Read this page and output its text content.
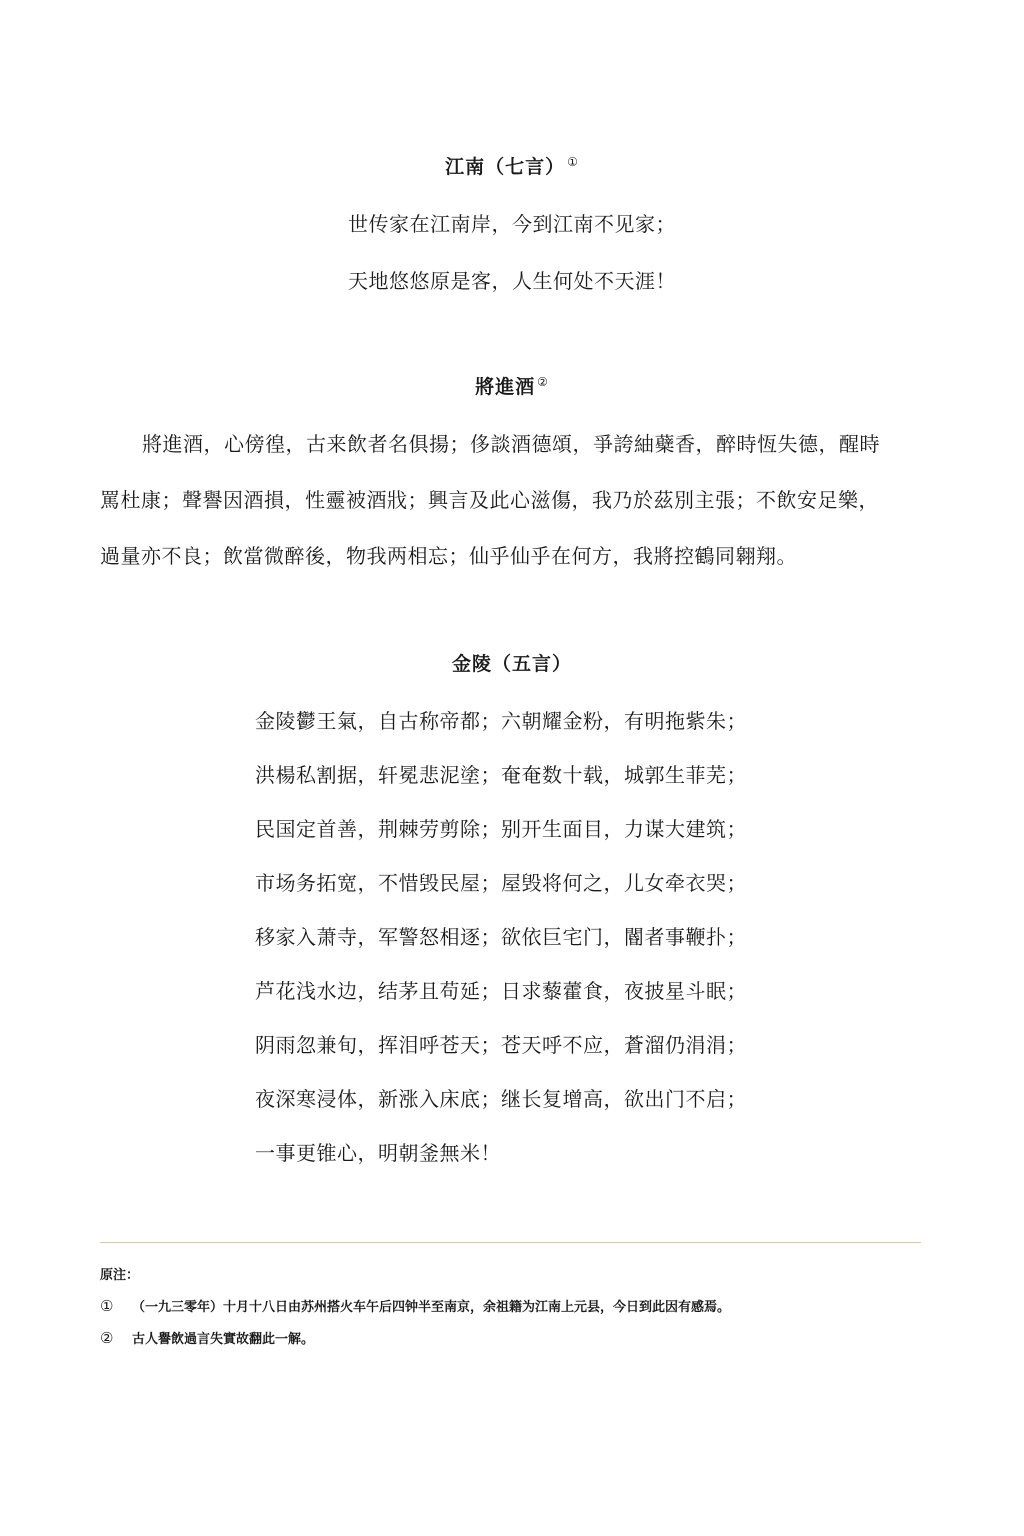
江南（七言） ①
世传家在江南岸，今到江南不见家；
天地悠悠原是客，人生何处不天涯！
將進酒 ②
將進酒，心傍徨，古来飲者名俱揚；侈談酒德頌，爭誇紬蘗香，醉時恆失德，醒時
罵杜康；聲譽因酒損，性靈被酒戕；興言及此心滋傷，我乃於茲別主張；不飲安足樂，
過量亦不良；飲當微醉後，物我两相忘；仙乎仙乎在何方，我將控鶴同翱翔。
金陵（五言）
金陵鬱王氣，自古称帝都；六朝耀金粉，有明拖紫朱；
洪楊私割据，轩冕悲泥塗；奄奄数十载，城郭生菲芜；
民国定首善，荆棘劳剪除；别开生面目，力谋大建筑；
市场务拓宽，不惜毁民屋；屋毁将何之，儿女牵衣哭；
移家入萧寺，军警怒相逐；欲依巨宅门，閽者事鞭扑；
芦花浅水边，结茅且苟延；日求藜藿食，夜披星斗眠；
阴雨忽兼旬，挥泪呼苍天；苍天呼不应，蒼溜仍涓涓；
夜深寒浸体，新涨入床底；继长复增高，欲出门不启；
一事更锥心，明朝釜無米！
原注：
① （一九三零年）十月十八日由苏州搭火车午后四钟半至南京，余祖籍为江南上元县，今日到此因有感焉。
② 古人譽飲過言失實故翻此一解。
